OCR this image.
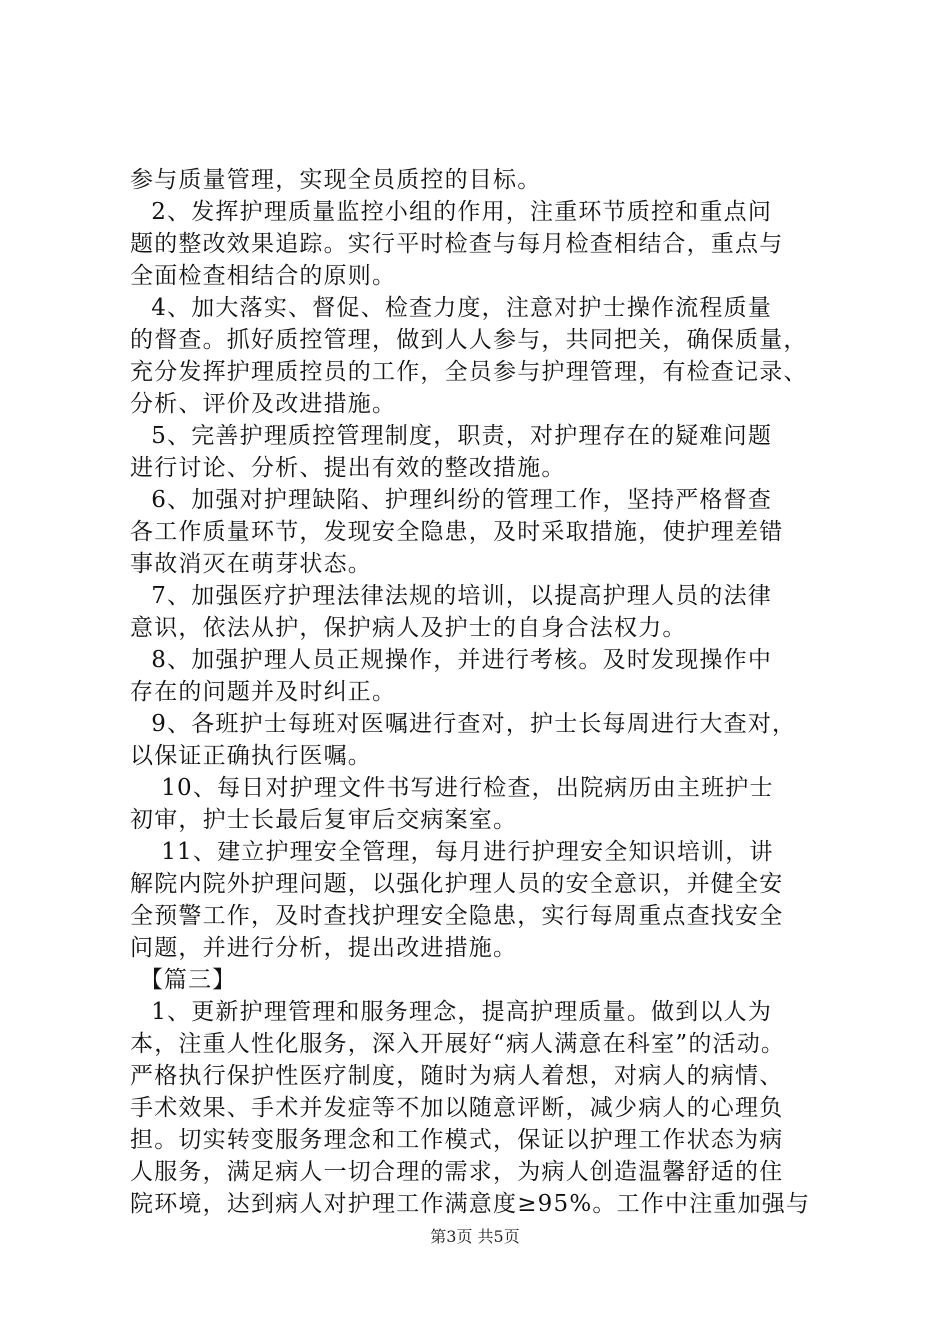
参与质量管理，实现全员质控的目标。
　2、发挥护理质量监控小组的作用，注重环节质控和重点问
题的整改效果追踪。实行平时检查与每月检查相结合，重点与
全面检查相结合的原则。
　4、加大落实、督促、检查力度，注意对护士操作流程质量
的督查。抓好质控管理，做到人人参与，共同把关，确保质量，
充分发挥护理质控员的工作，全员参与护理管理，有检查记录、
分析、评价及改进措施。
　5、完善护理质控管理制度，职责，对护理存在的疑难问题
进行讨论、分析、提出有效的整改措施。
　6、加强对护理缺陷、护理纠纷的管理工作，坚持严格督查
各工作质量环节，发现安全隐患，及时采取措施，使护理差错
事故消灭在萌芽状态。
　7、加强医疗护理法律法规的培训，以提高护理人员的法律
意识，依法从护，保护病人及护士的自身合法权力。
　8、加强护理人员正规操作，并进行考核。及时发现操作中
存在的问题并及时纠正。
　9、各班护士每班对医嘱进行查对，护士长每周进行大查对，
以保证正确执行医嘱。
　10、每日对护理文件书写进行检查，出院病历由主班护士
初审，护士长最后复审后交病案室。
　11、建立护理安全管理，每月进行护理安全知识培训，讲
解院内院外护理问题，以强化护理人员的安全意识，并健全安
全预警工作，及时查找护理安全隐患，实行每周重点查找安全
问题，并进行分析，提出改进措施。
　【篇三】
　1、更新护理管理和服务理念，提高护理质量。做到以人为
本，注重人性化服务，深入开展好“病人满意在科室”的活动。
严格执行保护性医疗制度，随时为病人着想，对病人的病情、
手术效果、手术并发症等不加以随意评断，减少病人的心理负
担。切实转变服务理念和工作模式，保证以护理工作状态为病
人服务，满足病人一切合理的需求，为病人创造温馨舒适的住
院环境，达到病人对护理工作满意度≥95%。工作中注重加强与
第3页 共5页
